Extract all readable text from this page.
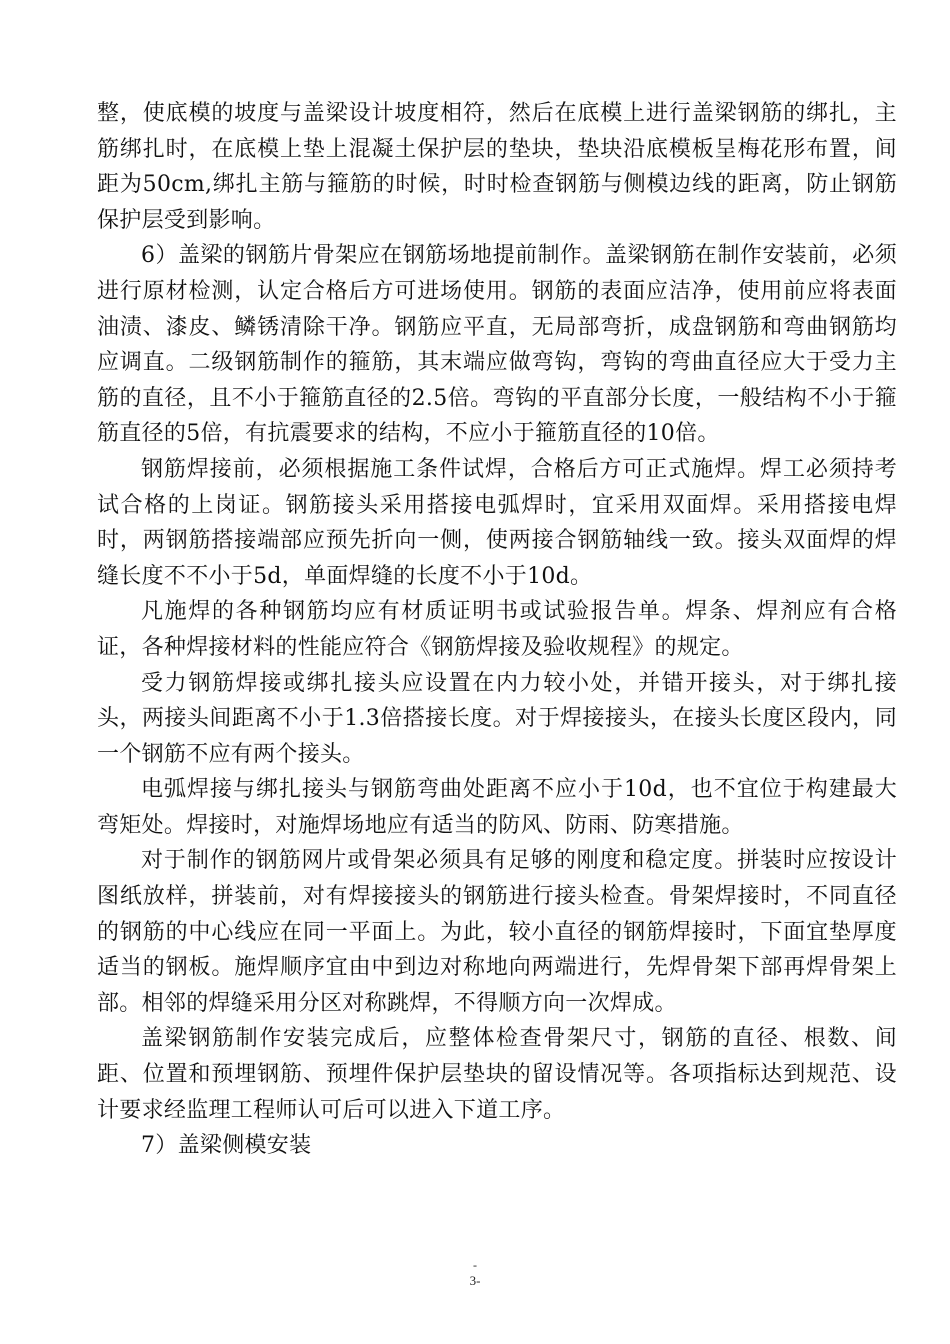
整，使底模的坡度与盖梁设计坡度相符，然后在底模上进行盖梁钢筋的绑扎，主筋绑扎时，在底模上垫上混凝土保护层的垫块，垫块沿底模板呈梅花形布置，间距为50cm,绑扎主筋与箍筋的时候，时时检查钢筋与侧模边线的距离，防止钢筋保护层受到影响。

6）盖梁的钢筋片骨架应在钢筋场地提前制作。盖梁钢筋在制作安装前，必须进行原材检测，认定合格后方可进场使用。钢筋的表面应洁净，使用前应将表面油渍、漆皮、鳞锈清除干净。钢筋应平直，无局部弯折，成盘钢筋和弯曲钢筋均应调直。二级钢筋制作的箍筋，其末端应做弯钩，弯钩的弯曲直径应大于受力主筋的直径，且不小于箍筋直径的2.5倍。弯钩的平直部分长度，一般结构不小于箍筋直径的5倍，有抗震要求的结构，不应小于箍筋直径的10倍。

钢筋焊接前，必须根据施工条件试焊，合格后方可正式施焊。焊工必须持考试合格的上岗证。钢筋接头采用搭接电弧焊时，宜采用双面焊。采用搭接电焊时，两钢筋搭接端部应预先折向一侧，使两接合钢筋轴线一致。接头双面焊的焊缝长度不不小于5d，单面焊缝的长度不小于10d。

凡施焊的各种钢筋均应有材质证明书或试验报告单。焊条、焊剂应有合格证，各种焊接材料的性能应符合《钢筋焊接及验收规程》的规定。

受力钢筋焊接或绑扎接头应设置在内力较小处，并错开接头，对于绑扎接头，两接头间距离不小于1.3倍搭接长度。对于焊接接头，在接头长度区段内，同一个钢筋不应有两个接头。

电弧焊接与绑扎接头与钢筋弯曲处距离不应小于10d，也不宜位于构建最大弯矩处。焊接时，对施焊场地应有适当的防风、防雨、防寒措施。

对于制作的钢筋网片或骨架必须具有足够的刚度和稳定度。拼装时应按设计图纸放样，拼装前，对有焊接接头的钢筋进行接头检查。骨架焊接时，不同直径的钢筋的中心线应在同一平面上。为此，较小直径的钢筋焊接时，下面宜垫厚度适当的钢板。施焊顺序宜由中到边对称地向两端进行，先焊骨架下部再焊骨架上部。相邻的焊缝采用分区对称跳焊，不得顺方向一次焊成。

盖梁钢筋制作安装完成后，应整体检查骨架尺寸，钢筋的直径、根数、间距、位置和预埋钢筋、预埋件保护层垫块的留设情况等。各项指标达到规范、设计要求经监理工程师认可后可以进入下道工序。

7）盖梁侧模安装

-
3-
